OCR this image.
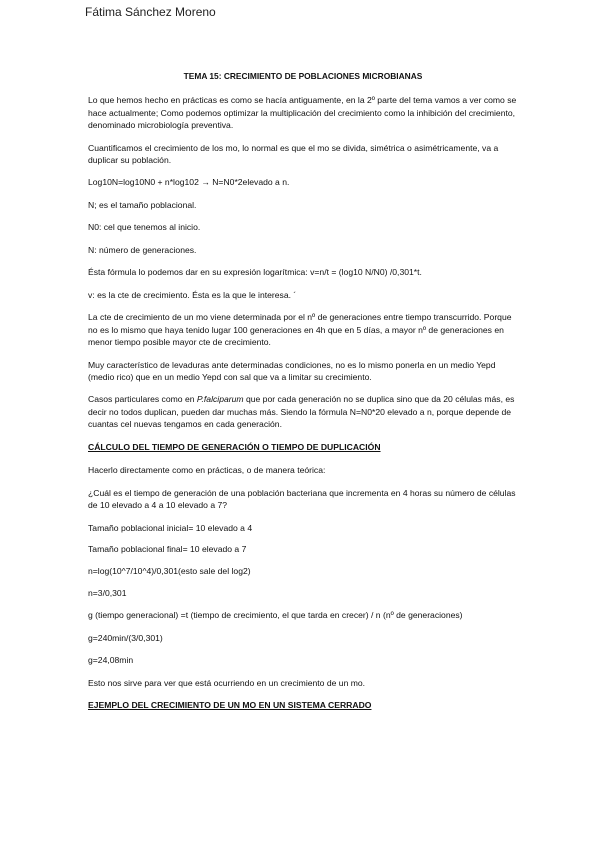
Fátima Sánchez Moreno
TEMA 15: CRECIMIENTO DE POBLACIONES MICROBIANAS

Lo que hemos hecho en prácticas es como se hacía antiguamente, en la 2º parte del tema vamos a ver como se hace actualmente; Como podemos optimizar la multiplicación del crecimiento como la inhibición del crecimiento, denominado microbiología preventiva.

Cuantificamos el crecimiento de los mo, lo normal es que el mo se divida, simétrica o asimétricamente, va a duplicar su población.

Log10N=log10N0 + n*log102 → N=N0*2elevado a n.

N; es el tamaño poblacional.

N0: cel que tenemos al inicio.

N: número de generaciones.

Ésta fórmula lo podemos dar en su expresión logarítmica: v=n/t = (log10 N/N0) /0,301*t.

v: es la cte de crecimiento. Ésta es la que le interesa. ´

La cte de crecimiento de un mo viene determinada por el nº de generaciones entre tiempo transcurrido. Porque no es lo mismo que haya tenido lugar 100 generaciones en 4h que en 5 días, a mayor nº de generaciones en menor tiempo posible mayor cte de crecimiento.

Muy característico de levaduras ante determinadas condiciones, no es lo mismo ponerla en un medio Yepd (medio rico) que en un medio Yepd con sal que va a limitar su crecimiento.

Casos particulares como en P.falciparum que por cada generación no se duplica sino que da 20 células más, es decir no todos duplican, pueden dar muchas más. Siendo la fórmula N=N0*20 elevado a n, porque depende de cuantas cel nuevas tengamos en cada generación.

CÁLCULO DEL TIEMPO DE GENERACIÓN O TIEMPO DE DUPLICACIÓN

Hacerlo directamente como en prácticas, o de manera teórica:

¿Cuál es el tiempo de generación de una población bacteriana que incrementa en 4 horas su número de células de 10 elevado a 4 a 10 elevado a 7?

Tamaño poblacional inicial= 10 elevado a 4

Tamaño poblacional final= 10 elevado a 7

n=log(10^7/10^4)/0,301(esto sale del log2)

n=3/0,301

g (tiempo generacional) =t (tiempo de crecimiento, el que tarda en crecer) / n (nº de generaciones)

g=240min/(3/0,301)

g=24,08min

Esto nos sirve para ver que está ocurriendo en un crecimiento de un mo.

EJEMPLO DEL CRECIMIENTO DE UN MO EN UN SISTEMA CERRADO
